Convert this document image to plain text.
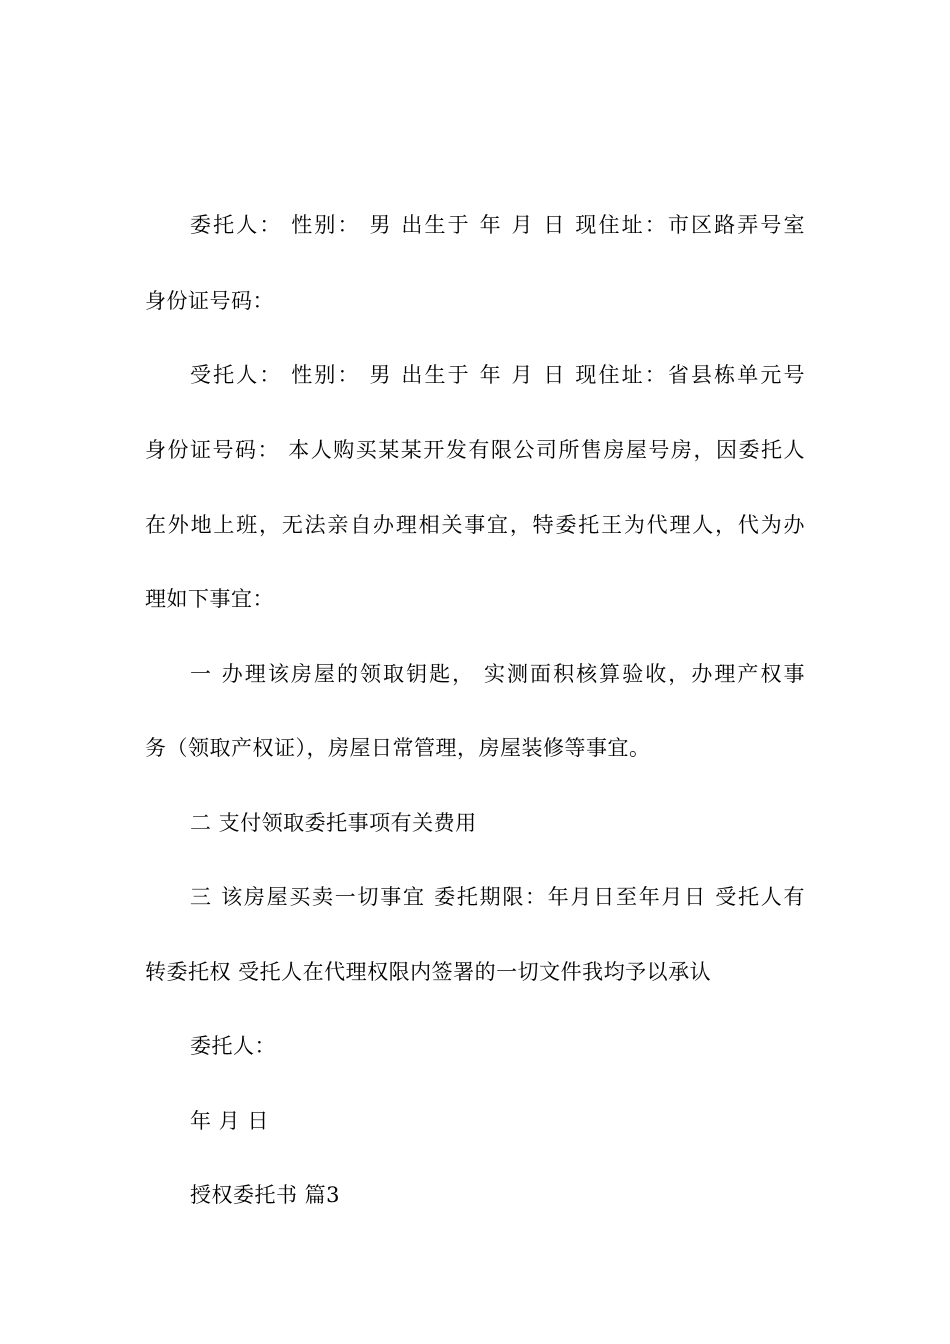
委托人： 性别： 男 出生于 年 月 日 现住址：市区路弄号室
身份证号码：
受托人： 性别： 男 出生于 年 月 日 现住址：省县栋单元号
身份证号码： 本人购买某某开发有限公司所售房屋号房，因委托人
在外地上班，无法亲自办理相关事宜，特委托王为代理人，代为办
理如下事宜：
一 办理该房屋的领取钥匙， 实测面积核算验收，办理产权事
务（领取产权证），房屋日常管理，房屋装修等事宜。
二 支付领取委托事项有关费用
三 该房屋买卖一切事宜 委托期限：年月日至年月日 受托人有
转委托权 受托人在代理权限内签署的一切文件我均予以承认
委托人：
年 月 日
授权委托书 篇3
